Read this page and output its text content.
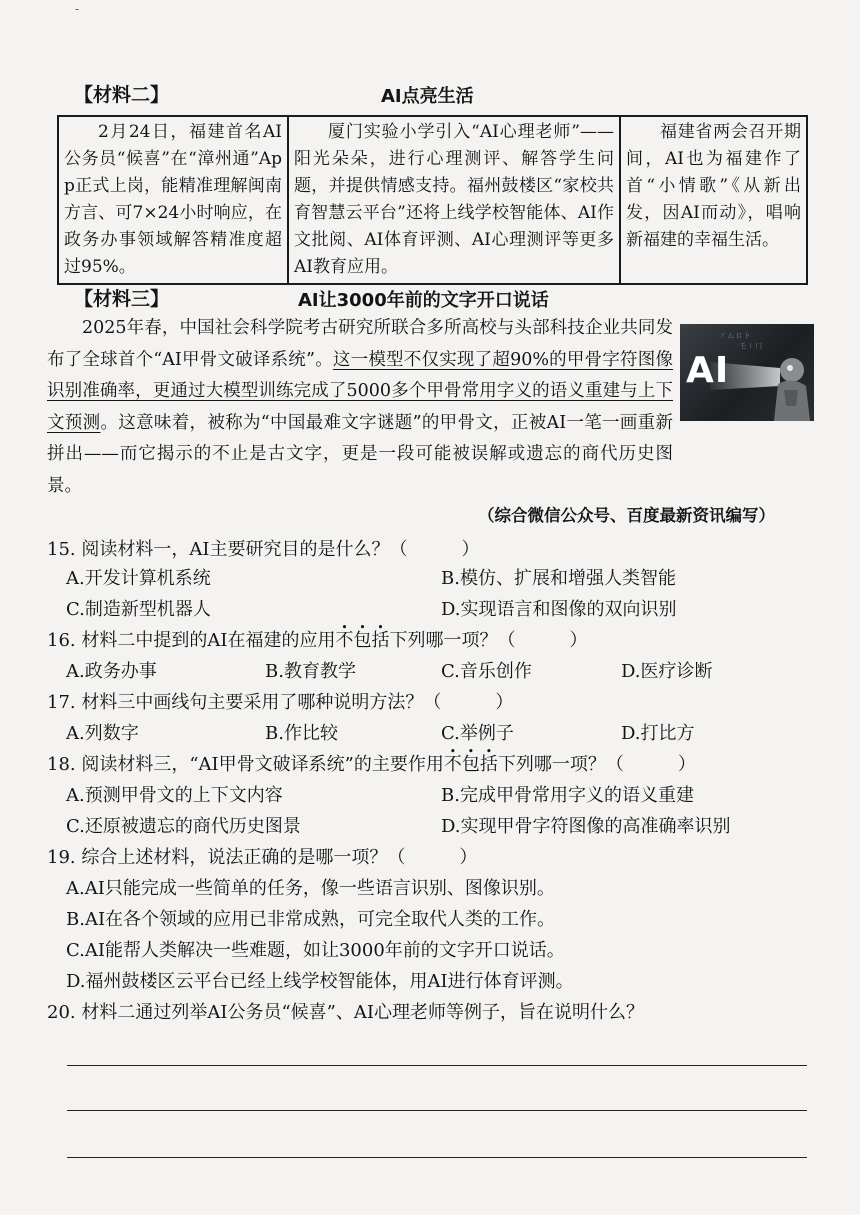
-
【材料二】	AI点亮生活
2月24日，福建首名AI公务员“候喜”在“漳州通”App正式上岗，能精准理解闽南方言、可7×24小时响应，在政务办事领域解答精准度超过95%。	厦门实验小学引入“AI心理老师”——阳光朵朵，进行心理测评、解答学生问题，并提供情感支持。福州鼓楼区“家校共育智慧云平台”还将上线学校智能体、AI作文批阅、AI体育评测、AI心理测评等更多AI教育应用。	福建省两会召开期间，AI也为福建作了首“小情歌”《从新出发，因AI而动》，唱响新福建的幸福生活。
【材料三】	AI让3000年前的文字开口说话
2025年春，中国社会科学院考古研究所联合多所高校与头部科技企业共同发布了全球首个“AI甲骨文破译系统”。这一模型不仅实现了超90%的甲骨字符图像识别准确率，更通过大模型训练完成了5000多个甲骨常用字义的语义重建与上下文预测。这意味着，被称为“中国最难文字谜题”的甲骨文，正被AI一笔一画重新拼出——而它揭示的不止是古文字，更是一段可能被误解或遗忘的商代历史图景。
丆 厶 㠯 卜
乇 丨 冂
AI
（综合微信公众号、百度最新资讯编写）
15. 阅读材料一，AI主要研究目的是什么？（　　　）
A.开发计算机系统	B.模仿、扩展和增强人类智能
C.制造新型机器人	D.实现语言和图像的双向识别
16. 材料二中提到的AI在福建的应用不包括下列哪一项？（　　　）
A.政务办事	B.教育教学	C.音乐创作	D.医疗诊断
17. 材料三中画线句主要采用了哪种说明方法？（　　　）
A.列数字	B.作比较	C.举例子	D.打比方
18. 阅读材料三，“AI甲骨文破译系统”的主要作用不包括下列哪一项？（　　　）
A.预测甲骨文的上下文内容	B.完成甲骨常用字义的语义重建
C.还原被遗忘的商代历史图景	D.实现甲骨字符图像的高准确率识别
19. 综合上述材料，说法正确的是哪一项？（　　　）
A.AI只能完成一些简单的任务，像一些语言识别、图像识别。
B.AI在各个领域的应用已非常成熟，可完全取代人类的工作。
C.AI能帮人类解决一些难题，如让3000年前的文字开口说话。
D.福州鼓楼区云平台已经上线学校智能体，用AI进行体育评测。
20. 材料二通过列举AI公务员“候喜”、AI心理老师等例子，旨在说明什么？
